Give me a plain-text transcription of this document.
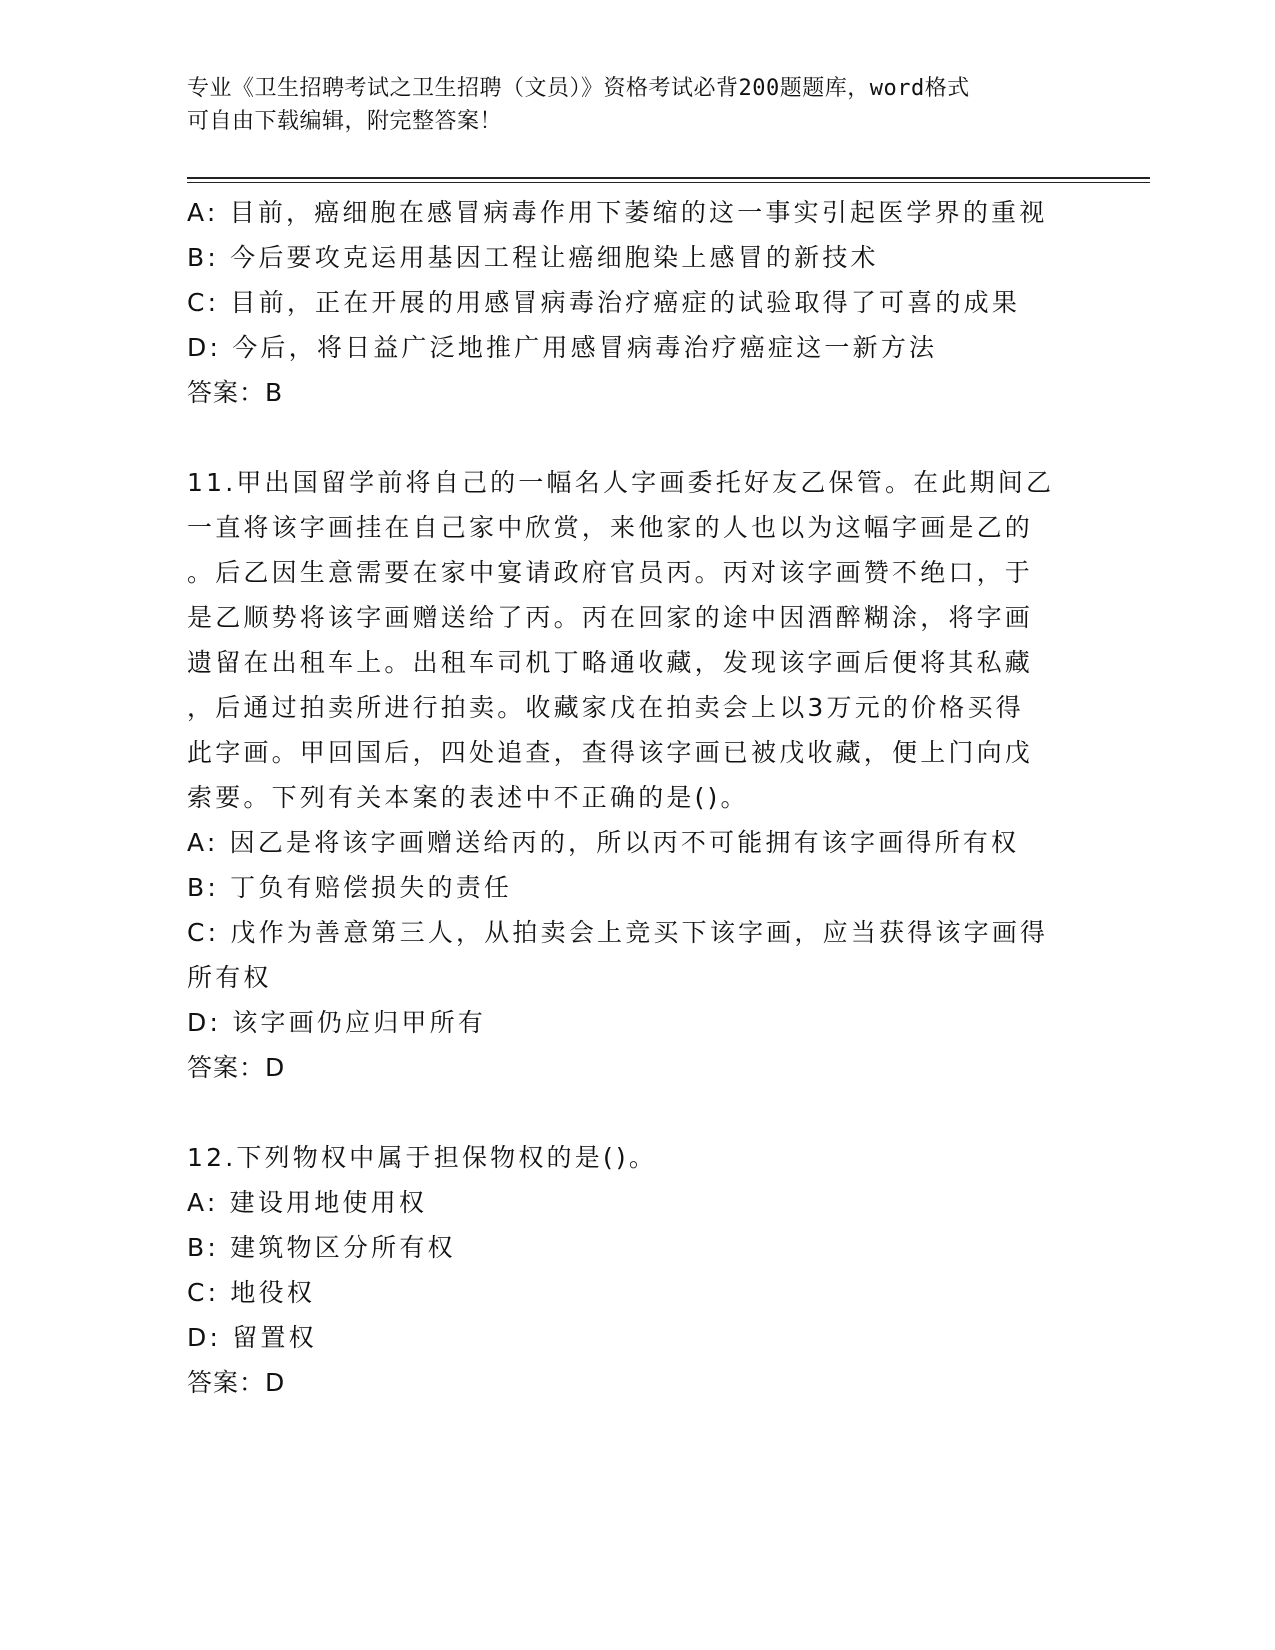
专业《卫生招聘考试之卫生招聘（文员）》资格考试必背200题题库，word格式
可自由下载编辑，附完整答案！
A: 目前，癌细胞在感冒病毒作用下萎缩的这一事实引起医学界的重视
B: 今后要攻克运用基因工程让癌细胞染上感冒的新技术
C: 目前，正在开展的用感冒病毒治疗癌症的试验取得了可喜的成果
D: 今后，将日益广泛地推广用感冒病毒治疗癌症这一新方法
答案：B
11.甲出国留学前将自己的一幅名人字画委托好友乙保管。在此期间乙
一直将该字画挂在自己家中欣赏，来他家的人也以为这幅字画是乙的
。后乙因生意需要在家中宴请政府官员丙。丙对该字画赞不绝口，于
是乙顺势将该字画赠送给了丙。丙在回家的途中因酒醉糊涂，将字画
遗留在出租车上。出租车司机丁略通收藏，发现该字画后便将其私藏
，后通过拍卖所进行拍卖。收藏家戊在拍卖会上以3万元的价格买得
此字画。甲回国后，四处追查，查得该字画已被戊收藏，便上门向戊
索要。下列有关本案的表述中不正确的是()。
A: 因乙是将该字画赠送给丙的，所以丙不可能拥有该字画得所有权
B: 丁负有赔偿损失的责任
C: 戊作为善意第三人，从拍卖会上竞买下该字画，应当获得该字画得
所有权
D: 该字画仍应归甲所有
答案：D
12.下列物权中属于担保物权的是()。
A: 建设用地使用权
B: 建筑物区分所有权
C: 地役权
D: 留置权
答案：D
